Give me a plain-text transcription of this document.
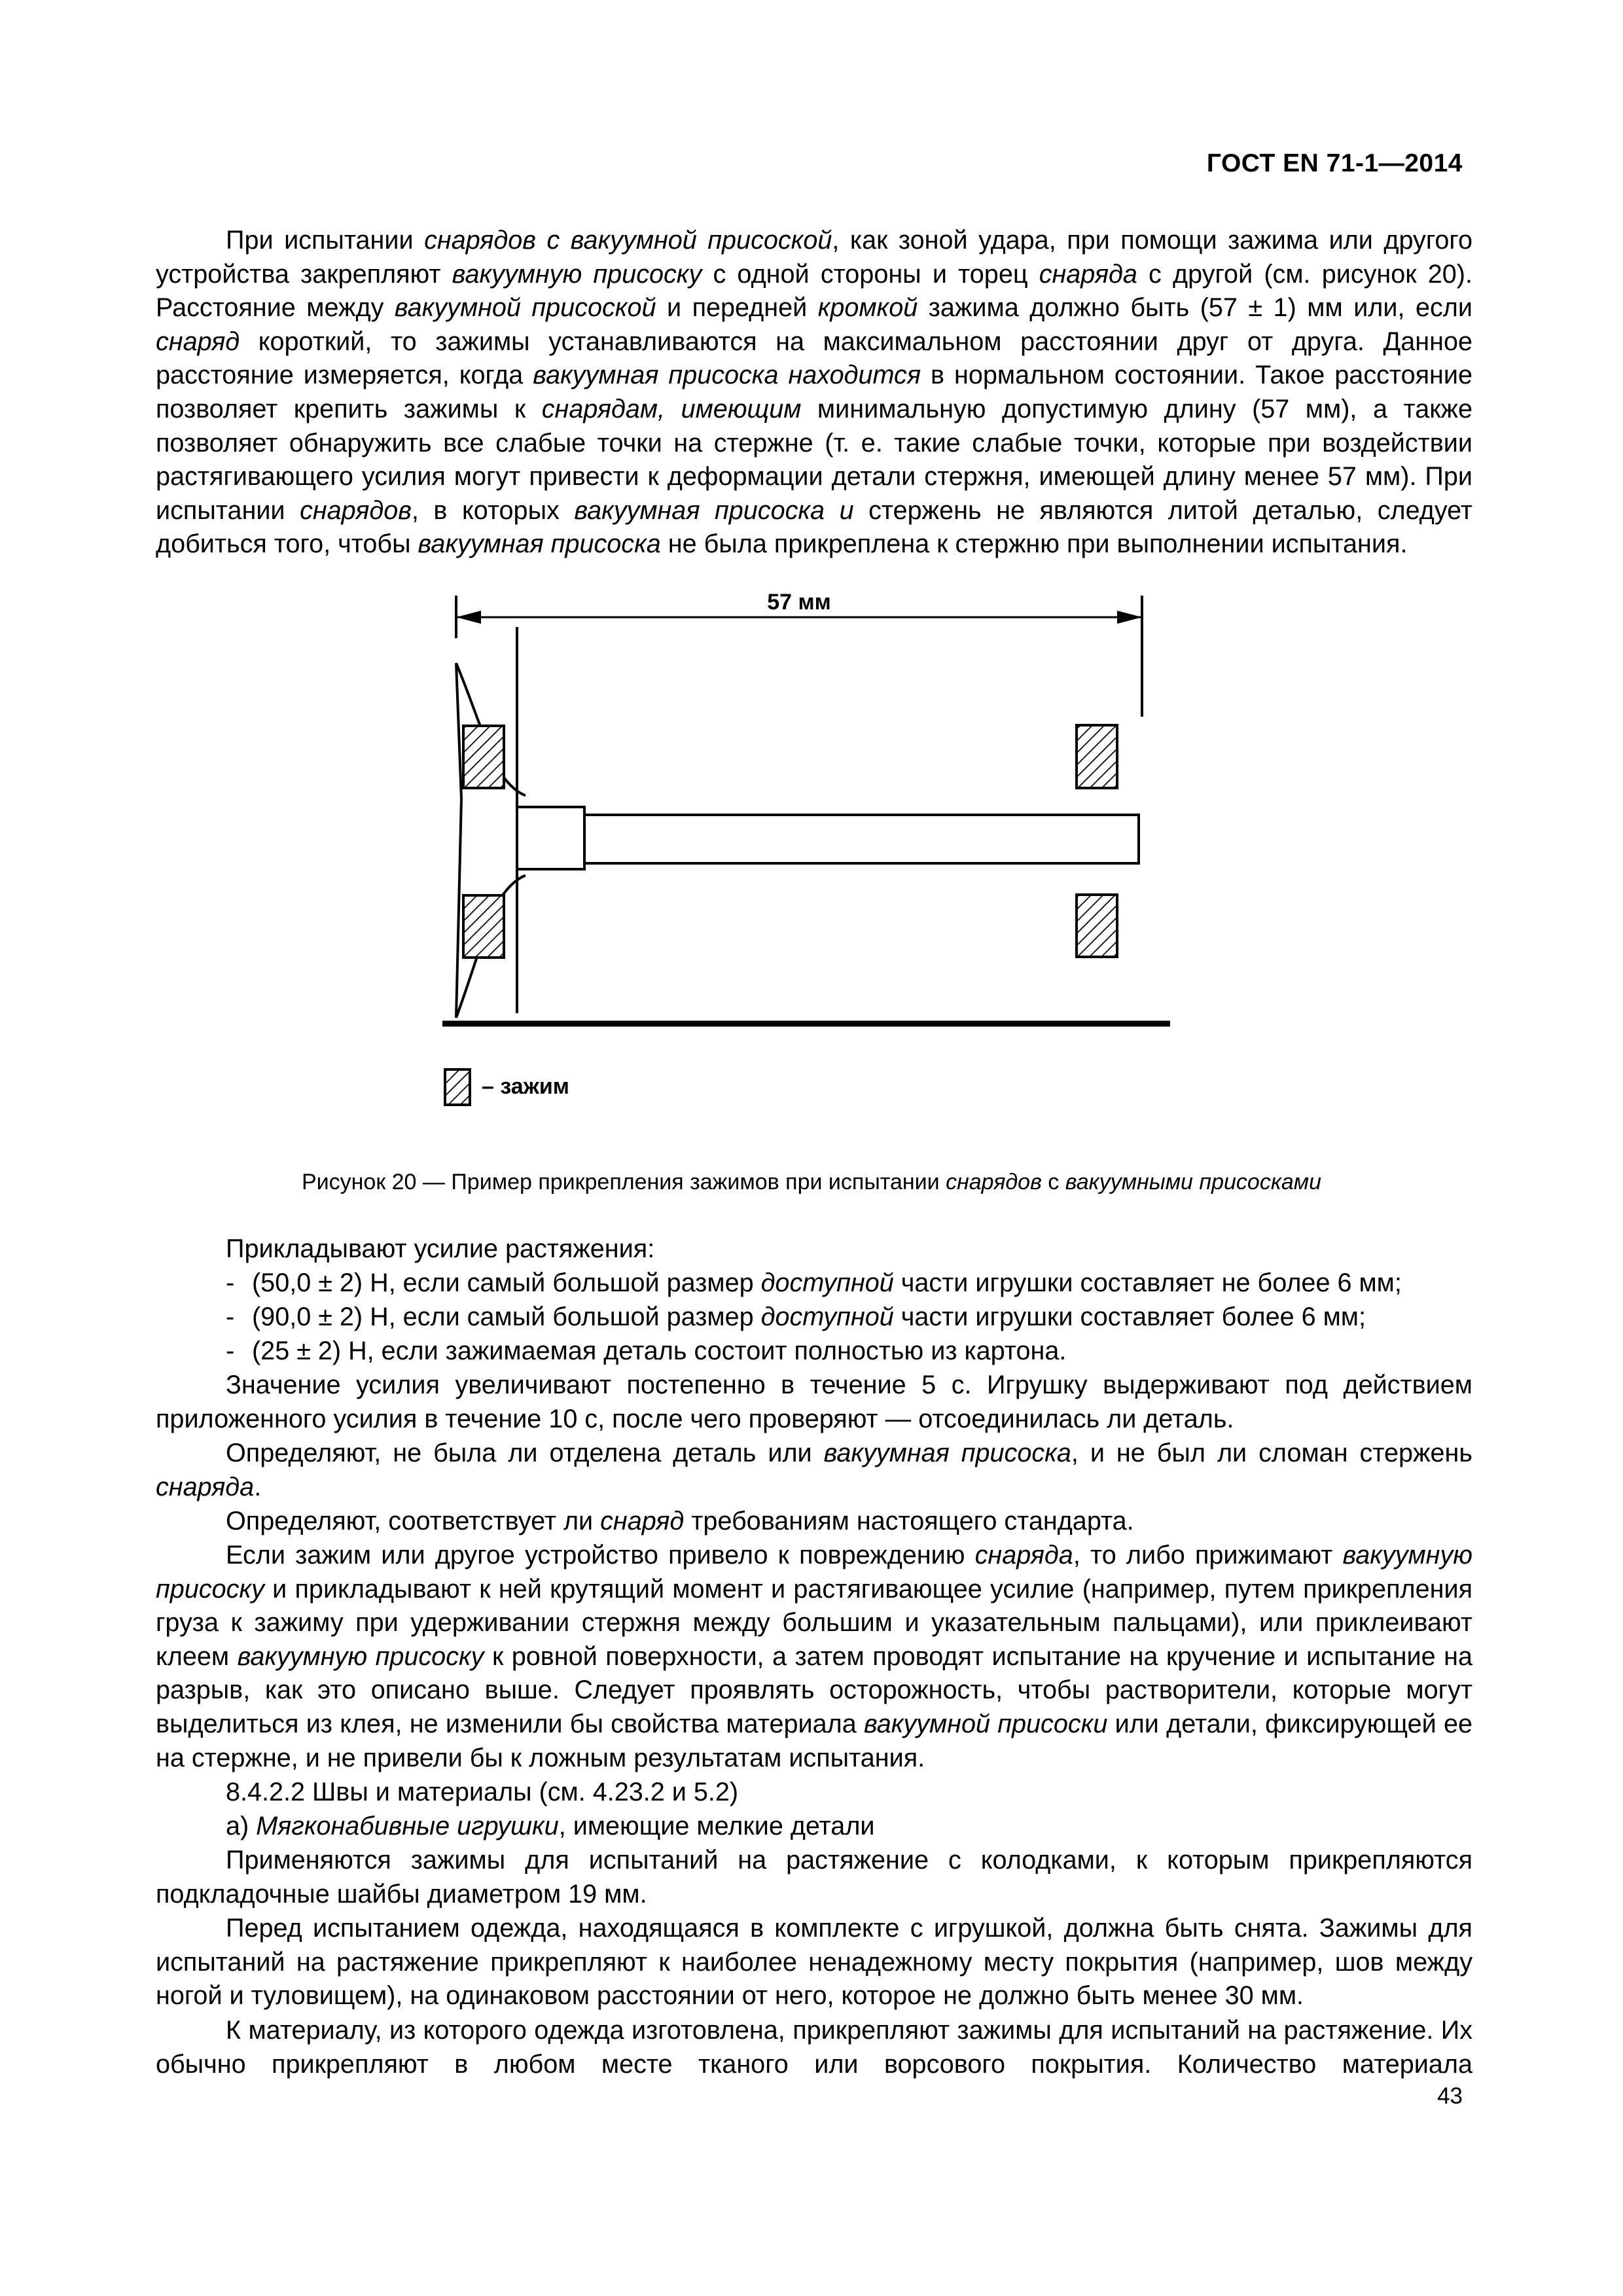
ГОСТ EN 71-1—2014

При испытании снарядов с вакуумной присоской, как зоной удара, при помощи зажима или другого устройства закрепляют вакуумную присоску с одной стороны и торец снаряда с другой (см. рисунок 20). Расстояние между вакуумной присоской и передней кромкой зажима должно быть (57 ± 1) мм или, если снаряд короткий, то зажимы устанавливаются на максимальном расстоянии друг от друга. Данное расстояние измеряется, когда вакуумная присоска находится в нормальном состоянии. Такое расстояние позволяет крепить зажимы к снарядам, имеющим минимальную допустимую длину (57 мм), а также позволяет обнаружить все слабые точки на стержне (т. е. такие слабые точки, которые при воздействии растягивающего усилия могут привести к деформации детали стержня, имеющей длину менее 57 мм). При испытании снарядов, в которых вакуумная присоска и стержень не являются литой деталью, следует добиться того, чтобы вакуумная присоска не была прикреплена к стержню при выполнении испытания.

57 мм
– зажим
Рисунок 20 — Пример прикрепления зажимов при испытании снарядов с вакуумными присосками
Прикладывают усилие растяжения:
- (50,0 ± 2) Н, если самый большой размер доступной части игрушки составляет не более 6 мм;
- (90,0 ± 2) Н, если самый большой размер доступной части игрушки составляет более 6 мм;
- (25 ± 2) Н, если зажимаемая деталь состоит полностью из картона.

Значение усилия увеличивают постепенно в течение 5 с. Игрушку выдерживают под действием приложенного усилия в течение 10 с, после чего проверяют — отсоединилась ли деталь.

Определяют, не была ли отделена деталь или вакуумная присоска, и не был ли сломан стержень снаряда.

Определяют, соответствует ли снаряд требованиям настоящего стандарта.

Если зажим или другое устройство привело к повреждению снаряда, то либо прижимают вакуумную присоску и прикладывают к ней крутящий момент и растягивающее усилие (например, путем прикрепления груза к зажиму при удерживании стержня между большим и указательным пальцами), или приклеивают клеем вакуумную присоску к ровной поверхности, а затем проводят испытание на кручение и испытание на разрыв, как это описано выше. Следует проявлять осторожность, чтобы растворители, которые могут выделиться из клея, не изменили бы свойства материала вакуумной присоски или детали, фиксирующей ее на стержне, и не привели бы к ложным результатам испытания.

8.4.2.2 Швы и материалы (см. 4.23.2 и 5.2)
а) Мягконабивные игрушки, имеющие мелкие детали

Применяются зажимы для испытаний на растяжение с колодками, к которым прикрепляются подкладочные шайбы диаметром 19 мм.

Перед испытанием одежда, находящаяся в комплекте с игрушкой, должна быть снята. Зажимы для испытаний на растяжение прикрепляют к наиболее ненадежному месту покрытия (например, шов между ногой и туловищем), на одинаковом расстоянии от него, которое не должно быть менее 30 мм.

К материалу, из которого одежда изготовлена, прикрепляют зажимы для испытаний на растяжение. Их обычно прикрепляют в любом месте тканого или ворсового покрытия. Количество материала

43
